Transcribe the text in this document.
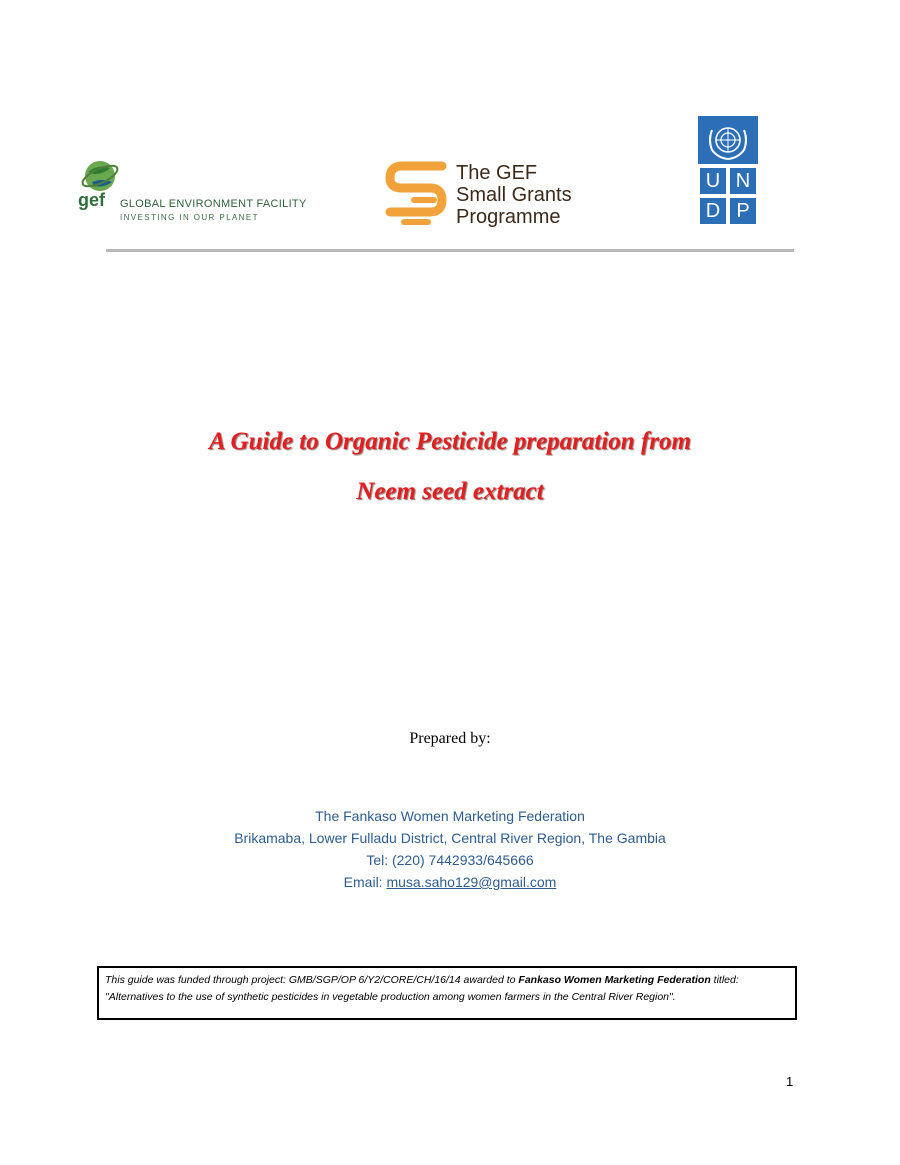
gef GLOBAL ENVIRONMENT FACILITY
INVESTING IN OUR PLANET
The GEF
Small Grants
Programme
U N
D P
A Guide to Organic Pesticide preparation from
Neem seed extract
Prepared by:
The Fankaso Women Marketing Federation
Brikamaba, Lower Fulladu District, Central River Region, The Gambia
Tel: (220) 7442933/645666
Email: musa.saho129@gmail.com
This guide was funded through project: GMB/SGP/OP 6/Y2/CORE/CH/16/14 awarded to Fankaso Women Marketing Federation titled: "Alternatives to the use of synthetic pesticides in vegetable production among women farmers in the Central River Region".
1
